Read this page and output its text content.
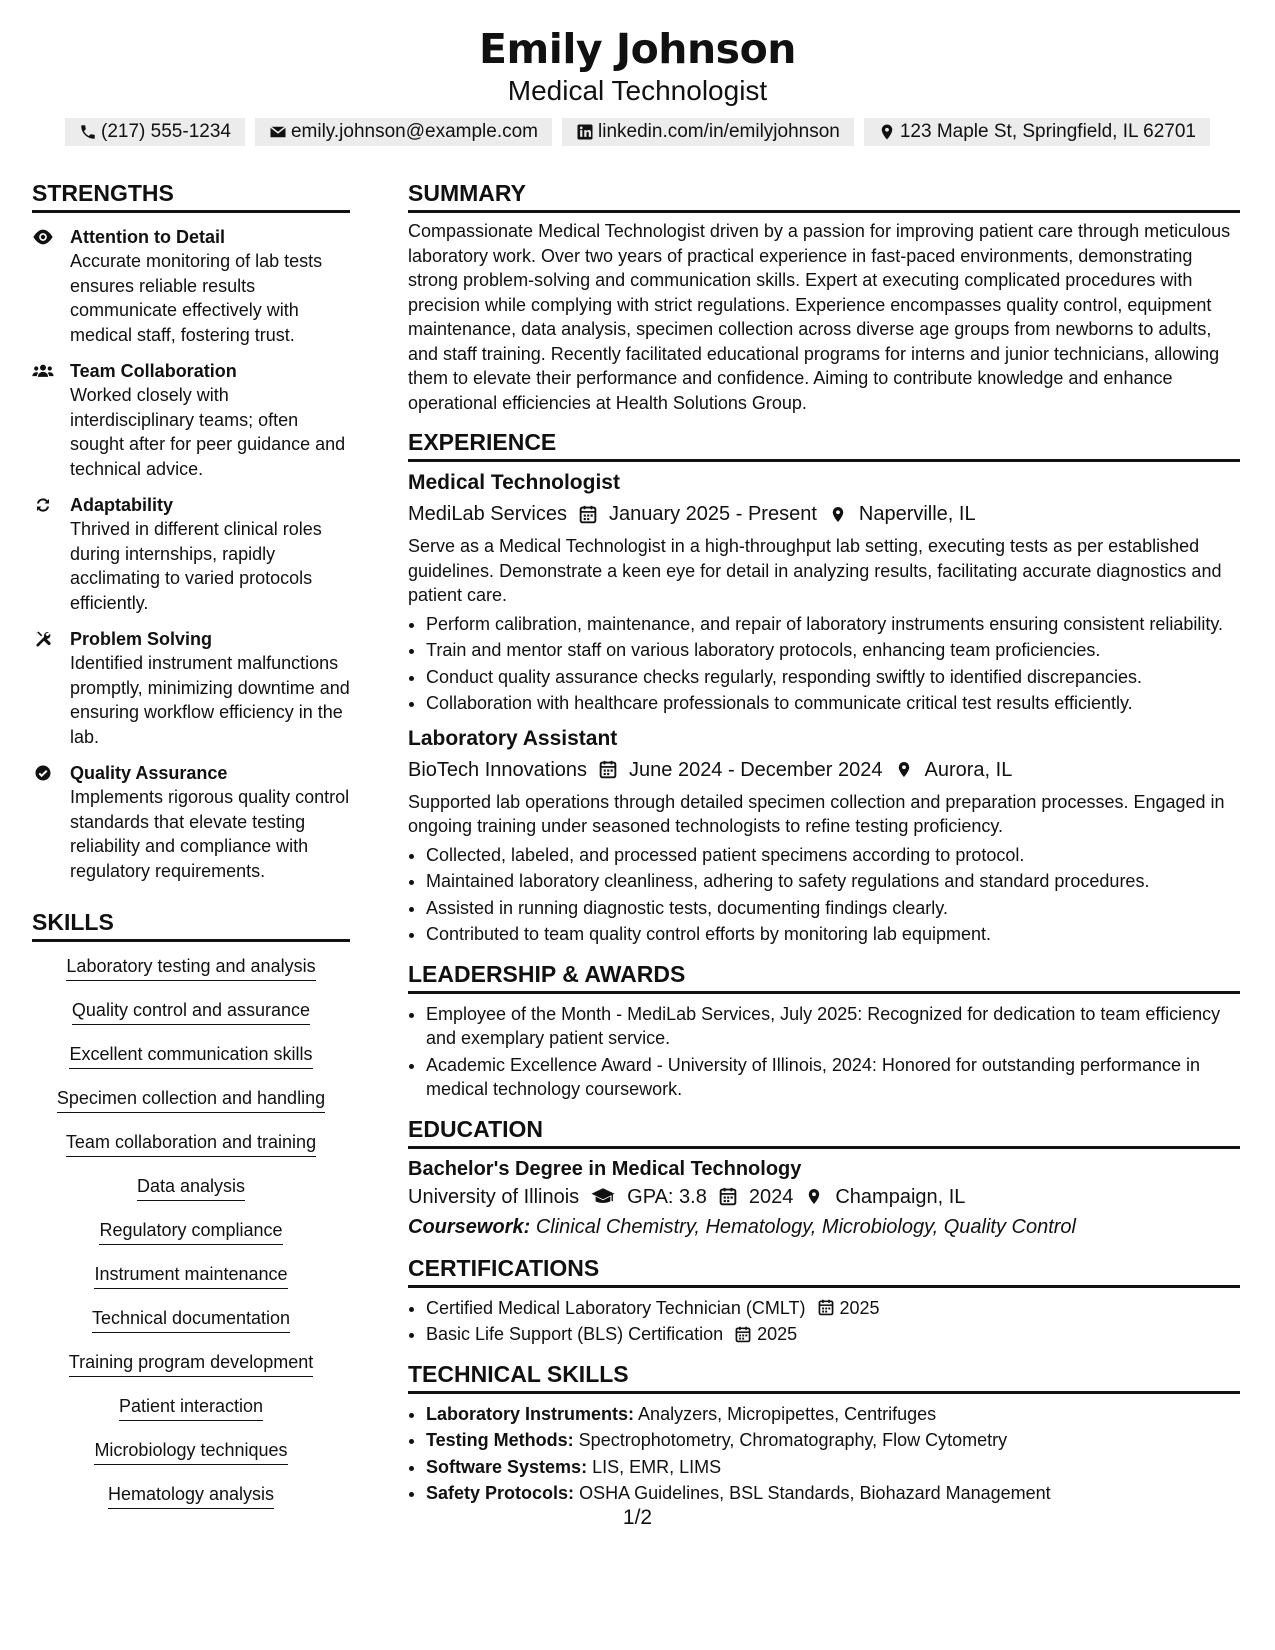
Emily Johnson
Medical Technologist
(217) 555-1234	emily.johnson@example.com	linkedin.com/in/emilyjohnson	123 Maple St, Springfield, IL 62701
STRENGTHS
Attention to Detail
Accurate monitoring of lab tests ensures reliable results communicate effectively with medical staff, fostering trust.
Team Collaboration
Worked closely with interdisciplinary teams; often sought after for peer guidance and technical advice.
Adaptability
Thrived in different clinical roles during internships, rapidly acclimating to varied protocols efficiently.
Problem Solving
Identified instrument malfunctions promptly, minimizing downtime and ensuring workflow efficiency in the lab.
Quality Assurance
Implements rigorous quality control standards that elevate testing reliability and compliance with regulatory requirements.
SKILLS
Laboratory testing and analysis
Quality control and assurance
Excellent communication skills
Specimen collection and handling
Team collaboration and training
Data analysis
Regulatory compliance
Instrument maintenance
Technical documentation
Training program development
Patient interaction
Microbiology techniques
Hematology analysis
SUMMARY

Compassionate Medical Technologist driven by a passion for improving patient care through meticulous laboratory work. Over two years of practical experience in fast-paced environments, demonstrating strong problem-solving and communication skills. Expert at executing complicated procedures with precision while complying with strict regulations. Experience encompasses quality control, equipment maintenance, data analysis, specimen collection across diverse age groups from newborns to adults, and staff training. Recently facilitated educational programs for interns and junior technicians, allowing them to elevate their performance and confidence. Aiming to contribute knowledge and enhance operational efficiencies at Health Solutions Group.

EXPERIENCE
Medical Technologist
MediLab Services January 2025 - Present Naperville, IL

Serve as a Medical Technologist in a high-throughput lab setting, executing tests as per established guidelines. Demonstrate a keen eye for detail in analyzing results, facilitating accurate diagnostics and patient care.

• Perform calibration, maintenance, and repair of laboratory instruments ensuring consistent reliability.
• Train and mentor staff on various laboratory protocols, enhancing team proficiencies.
• Conduct quality assurance checks regularly, responding swiftly to identified discrepancies.
• Collaboration with healthcare professionals to communicate critical test results efficiently.
Laboratory Assistant
BioTech Innovations June 2024 - December 2024 Aurora, IL

Supported lab operations through detailed specimen collection and preparation processes. Engaged in ongoing training under seasoned technologists to refine testing proficiency.

• Collected, labeled, and processed patient specimens according to protocol.
• Maintained laboratory cleanliness, adhering to safety regulations and standard procedures.
• Assisted in running diagnostic tests, documenting findings clearly.
• Contributed to team quality control efforts by monitoring lab equipment.
LEADERSHIP & AWARDS
• Employee of the Month - MediLab Services, July 2025: Recognized for dedication to team efficiency and exemplary patient service.
• Academic Excellence Award - University of Illinois, 2024: Honored for outstanding performance in medical technology coursework.
EDUCATION
Bachelor's Degree in Medical Technology
University of Illinois GPA: 3.8 2024 Champaign, IL
Coursework: Clinical Chemistry, Hematology, Microbiology, Quality Control
CERTIFICATIONS
• Certified Medical Laboratory Technician (CMLT) 2025
• Basic Life Support (BLS) Certification 2025
TECHNICAL SKILLS
• Laboratory Instruments: Analyzers, Micropipettes, Centrifuges
• Testing Methods: Spectrophotometry, Chromatography, Flow Cytometry
• Software Systems: LIS, EMR, LIMS
• Safety Protocols: OSHA Guidelines, BSL Standards, Biohazard Management
1/2
